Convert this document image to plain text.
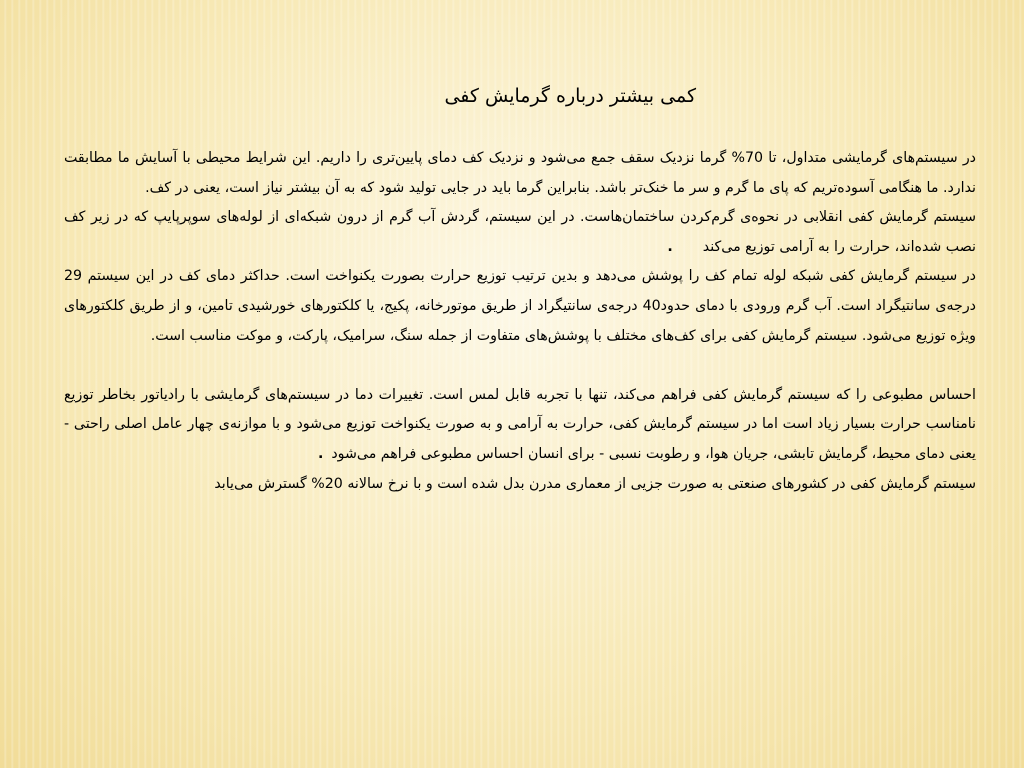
کمی بیشتر درباره گرمایش کفی

در سیستم‌های گرمایشی متداول، تا 70% گرما نزدیک سقف جمع می‌شود و نزدیک کف دمای پایین‌تری را داریم. این شرایط محیطی با آسایش ما مطابقت ندارد. ما هنگامی آسوده‌تریم که پای ما گرم و سر ما خنک‌تر باشد. بنابراین گرما باید در جایی تولید شود که به آن بیشتر نیاز است، یعنی در کف.

سیستم گرمایش کفی انقلابی در نحوه‌ی گرم‌کردن ساختمان‌هاست. در این سیستم، گردش آب گرم از درون شبکه‌ای از لوله‌های سوپرپایپ که در زیر کف نصب شده‌اند، حرارت را به آرامی توزیع می‌کند.

در سیستم گرمایش کفی شبکه لوله تمام کف را پوشش می‌دهد و بدین ترتیب توزیع حرارت بصورت یکنواخت است. حداکثر دمای کف در این سیستم 29 درجه‌ی سانتیگراد است. آب گرم ورودی با دمای حدود40 درجه‌ی سانتیگراد از طریق موتورخانه، پکیج، یا کلکتورهای خورشیدی تامین، و از طریق کلکتورهای ویژه توزیع می‌شود. سیستم گرمایش کفی برای کف‌های مختلف با پوشش‌های متفاوت از جمله سنگ، سرامیک، پارکت، و موکت مناسب است.

احساس مطبوعی را که سیستم گرمایش کفی فراهم می‌کند، تنها با تجربه قابل لمس است. تغییرات دما در سیستم‌های گرمایشی با رادیاتور بخاطر توزیع نامناسب حرارت بسیار زیاد است اما در سیستم گرمایش کفی، حرارت به آرامی و به صورت یکنواخت توزیع می‌شود و با موازنه‌ی چهار عامل اصلی راحتی - یعنی دمای محیط، گرمایش تابشی، جریان هوا، و رطوبت نسبی - برای انسان احساس مطبوعی فراهم می‌شود.

سیستم گرمایش کفی در کشورهای صنعتی به صورت جزیی از معماری مدرن بدل شده است و با نرخ سالانه 20% گسترش می‌یابد
